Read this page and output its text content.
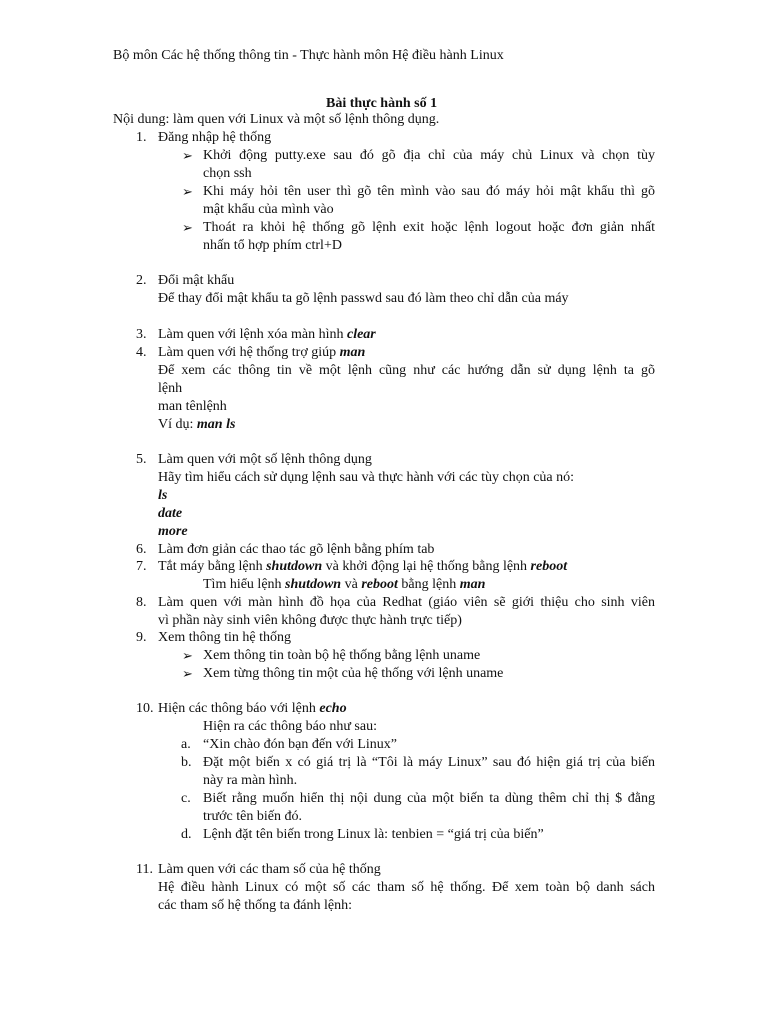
Bộ môn Các hệ thống thông tin - Thực hành môn Hệ điều hành Linux
Bài thực hành số 1
Nội dung: làm quen với Linux và một số lệnh thông dụng.
1. Đăng nhập hệ thống
➢ Khởi động putty.exe sau đó gõ địa chỉ của máy chủ Linux và chọn tùy
chọn ssh
➢ Khi máy hỏi tên user thì gõ tên mình vào sau đó máy hỏi mật khẩu thì gõ
mật khẩu của mình vào
➢ Thoát ra khỏi hệ thống gõ lệnh exit hoặc lệnh logout hoặc đơn giản nhất
nhấn tổ hợp phím ctrl+D
2. Đổi mật khẩu
Để thay đổi mật khẩu ta gõ lệnh passwd sau đó làm theo chỉ dẫn của máy
3. Làm quen với lệnh xóa màn hình clear
4. Làm quen với hệ thống trợ giúp man
Để xem các thông tin về một lệnh cũng như các hướng dẫn sử dụng lệnh ta gõ
lệnh
man tênlệnh
Ví dụ: man ls
5. Làm quen với một số lệnh thông dụng
Hãy tìm hiểu cách sử dụng lệnh sau và thực hành với các tùy chọn của nó:
ls
date
more
6. Làm đơn giản các thao tác gõ lệnh bằng phím tab
7. Tắt máy bằng lệnh shutdown và khởi động lại hệ thống bằng lệnh reboot
Tìm hiểu lệnh shutdown và reboot bằng lệnh man
8. Làm quen với màn hình đồ họa của Redhat (giáo viên sẽ giới thiệu cho sinh viên
vì phần này sinh viên không được thực hành trực tiếp)
9. Xem thông tin hệ thống
➢ Xem thông tin toàn bộ hệ thống bằng lệnh uname
➢ Xem từng thông tin một của hệ thống với lệnh uname
10. Hiện các thông báo với lệnh echo
Hiện ra các thông báo như sau:
a. “Xin chào đón bạn đến với Linux”
b. Đặt một biến x có giá trị là “Tôi là máy Linux” sau đó hiện giá trị của biến
này ra màn hình.
c. Biết rằng muốn hiển thị nội dung của một biến ta dùng thêm chỉ thị $ đằng
trước tên biến đó.
d. Lệnh đặt tên biến trong Linux là: tenbien = “giá trị của biến”
11. Làm quen với các tham số của hệ thống
Hệ điều hành Linux có một số các tham số hệ thống. Để xem toàn bộ danh sách
các tham số hệ thống ta đánh lệnh:
